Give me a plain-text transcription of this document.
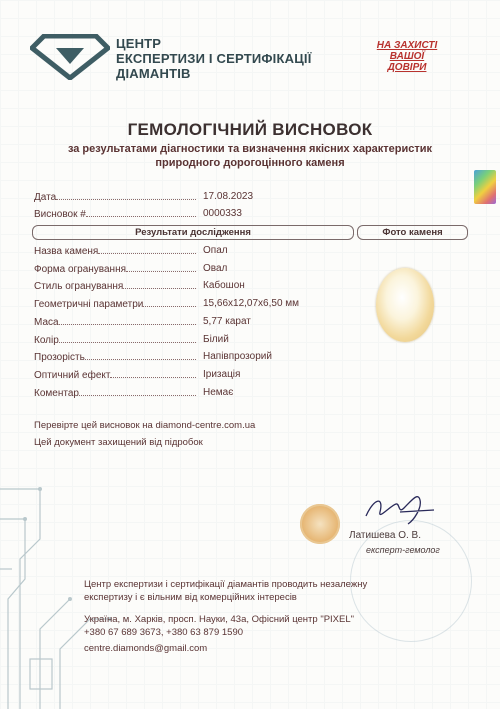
ЦЕНТР
ЕКСПЕРТИЗИ І СЕРТИФІКАЦІЇ
ДІАМАНТІВ
НА ЗАХИСТІ
ВАШОЇ
ДОВІРИ
ГЕМОЛОГІЧНИЙ ВИСНОВОК
за результатами діагностики та визначення якісних характеристик
природного дорогоцінного каменя
Дата	17.08.2023
Висновок #	0000333
Результати дослідження	Фото каменя
Назва каменя	Опал
Форма огранування	Овал
Стиль огранування	Кабошон
Геометричні параметри	15,66x12,07x6,50 мм
Маса	5,77 карат
Колір	Білий
Прозорість	Напівпрозорий
Оптичний ефект	Іризація
Коментар	Немає
Перевірте цей висновок на diamond-centre.com.ua
Цей документ захищений від підробок
Латишева О. В.
експерт-гемолог
Центр експертизи і сертифікації діамантів проводить незалежну
експертизу і є вільним від комерційних інтересів
Україна, м. Харків, просп. Науки, 43а, Офісний центр "PIXEL"
+380 67 689 3673, +380 63 879 1590
centre.diamonds@gmail.com
